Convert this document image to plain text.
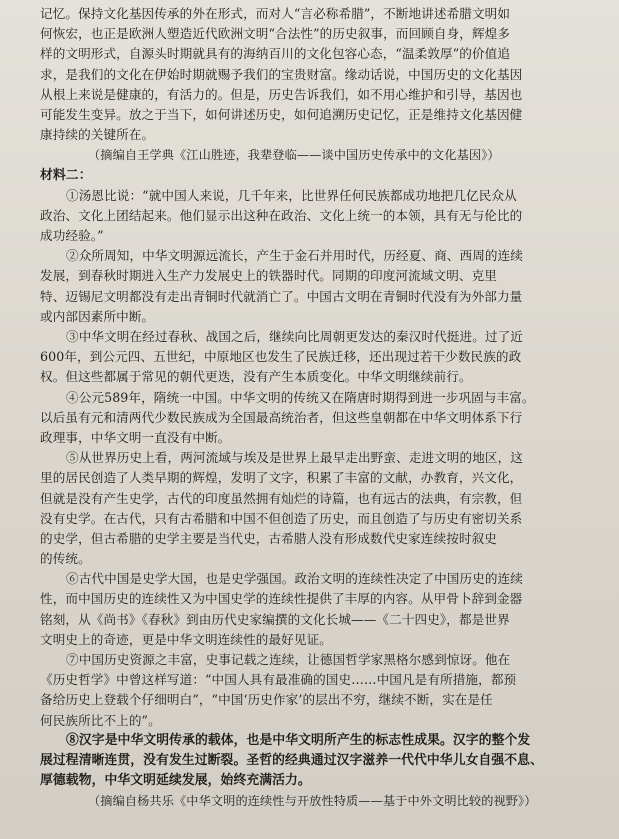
记忆。保持文化基因传承的外在形式，而对人“言必称希腊”，不断地讲述希腊文明如
何恢宏，也正是欧洲人塑造近代欧洲文明“合法性”的历史叙事，而回顾自身，辉煌多
样的文明形式，自源头时期就具有的海纳百川的文化包容心态，“温柔敦厚”的价值追
求，是我们的文化在伊始时期就赐予我们的宝贵财富。缘动话说，中国历史的文化基因
从根上来说是健康的，有活力的。但是，历史告诉我们，如不用心维护和引导，基因也
可能发生变异。放之于当下，如何讲述历史，如何追溯历史记忆，正是维持文化基因健
康持续的关键所在。
（摘编自王学典《江山胜迹，我辈登临——谈中国历史传承中的文化基因》）
材料二：
①汤恩比说：“就中国人来说，几千年来，比世界任何民族都成功地把几亿民众从
政治、文化上团结起来。他们显示出这种在政治、文化上统一的本领，具有无与伦比的
成功经验。”
②众所周知，中华文明源远流长，产生于金石并用时代，历经夏、商、西周的连续
发展，到春秋时期进入生产力发展史上的铁器时代。同期的印度河流域文明、克里
特、迈锡尼文明都没有走出青铜时代就消亡了。中国古文明在青铜时代没有为外部力量
或内部因素所中断。
③中华文明在经过春秋、战国之后，继续向比周朝更发达的秦汉时代挺进。过了近
600年，到公元四、五世纪，中原地区也发生了民族迁移，还出现过若干少数民族的政
权。但这些都属于常见的朝代更迭，没有产生本质变化。中华文明继续前行。
④公元589年，隋统一中国。中华文明的传统又在隋唐时期得到进一步巩固与丰富。
以后虽有元和清两代少数民族成为全国最高统治者，但这些皇朝都在中华文明体系下行
政理事，中华文明一直没有中断。
⑤从世界历史上看，两河流域与埃及是世界上最早走出野蛮、走进文明的地区，这
里的居民创造了人类早期的辉煌，发明了文字，积累了丰富的文献，办教育，兴文化，
但就是没有产生史学，古代的印度虽然拥有灿烂的诗篇，也有远古的法典，有宗教，但
没有史学。在古代，只有古希腊和中国不但创造了历史，而且创造了与历史有密切关系
的史学，但古希腊的史学主要是当代史，古希腊人没有形成数代史家连续按时叙史
的传统。
⑥古代中国是史学大国，也是史学强国。政治文明的连续性决定了中国历史的连续
性，而中国历史的连续性又为中国史学的连续性提供了丰厚的内容。从甲骨卜辞到金器
铭刻，从《尚书》《春秋》到由历代史家编撰的文化长城——《二十四史》，都是世界
文明史上的奇迹，更是中华文明连续性的最好见证。
⑦中国历史资源之丰富，史事记载之连续，让德国哲学家黑格尔感到惊讶。他在
《历史哲学》中曾这样写道：“中国人具有最准确的国史……中国凡是有所措施，都预
备给历史上登载个仔细明白”，“中国‘历史作家’的层出不穷，继续不断，实在是任
何民族所比不上的”。
⑧汉字是中华文明传承的载体，也是中华文明所产生的标志性成果。汉字的整个发
展过程清晰连贯，没有发生过断裂。圣哲的经典通过汉字滋养一代代中华儿女自强不息、
厚德载物，中华文明延续发展，始终充满活力。
（摘编自杨共乐《中华文明的连续性与开放性特质——基于中外文明比较的视野》）
